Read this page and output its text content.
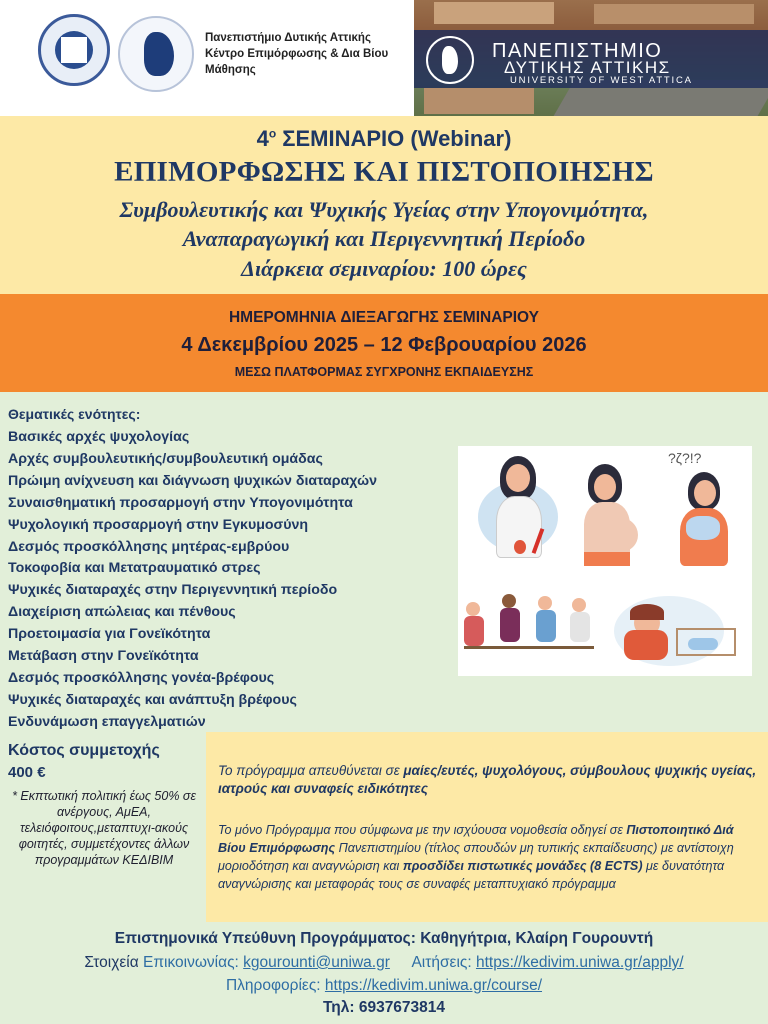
Πανεπιστήμιο Δυτικής Αττικής
Κέντρο Επιμόρφωσης & Δια Βίου Μάθησης
ΠΑΝΕΠΙΣΤΗΜΙΟ
ΔΥΤΙΚΗΣ ΑΤΤΙΚΗΣ
UNIVERSITY OF WEST ATTICA
$4^o$ ΣΕΜΙΝΑΡΙΟ (Webinar)
ΕΠΙΜΟΡΦΩΣΗΣ ΚΑΙ ΠΙΣΤΟΠΟΙΗΣΗΣ
Συμβουλευτικής και Ψυχικής Υγείας στην Υπογονιμότητα,
Αναπαραγωγική και Περιγεννητική Περίοδο
Διάρκεια σεμιναρίου: 100 ώρες
ΗΜΕΡΟΜΗΝΙΑ ΔΙΕΞΑΓΩΓΗΣ ΣΕΜΙΝΑΡΙΟΥ
4 Δεκεμβρίου 2025 – 12 Φεβρουαρίου 2026
ΜΕΣΩ ΠΛΑΤΦΟΡΜΑΣ ΣΥΓΧΡΟΝΗΣ ΕΚΠΑΙΔΕΥΣΗΣ
Θεματικές ενότητες:
Βασικές αρχές ψυχολογίας
Αρχές συμβουλευτικής/συμβουλευτική ομάδας
Πρώιμη ανίχνευση και διάγνωση ψυχικών διαταραχών
Συναισθηματική προσαρμογή στην Υπογονιμότητα
Ψυχολογική προσαρμογή στην Εγκυμοσύνη
Δεσμός προσκόλλησης μητέρας-εμβρύου
Τοκοφοβία και Μετατραυματικό στρες
Ψυχικές διαταραχές στην Περιγεννητική περίοδο
Διαχείριση απώλειας και πένθους
Προετοιμασία για Γονεϊκότητα
Μετάβαση στην Γονεϊκότητα
Δεσμός προσκόλλησης γονέα-βρέφους
Ψυχικές διαταραχές και ανάπτυξη βρέφους
Ενδυνάμωση επαγγελματιών
?ζ?!?
Κόστος συμμετοχής
400 €
* Εκπτωτική πολιτική έως 50% σε ανέργους, ΑμΕΑ, τελειόφοιτους,μεταπτυχι-ακούς φοιτητές, συμμετέχοντες άλλων προγραμμάτων ΚΕΔΙΒΙΜ
Το πρόγραμμα απευθύνεται σε μαίες/ευτές, ψυχολόγους, σύμβουλους ψυχικής υγείας, ιατρούς και συναφείς ειδικότητες
Το μόνο Πρόγραμμα που σύμφωνα με την ισχύουσα νομοθεσία οδηγεί σε Πιστοποιητικό Διά Βίου Επιμόρφωσης Πανεπιστημίου (τίτλος σπουδών μη τυπικής εκπαίδευσης) με αντίστοιχη μοριοδότηση και αναγνώριση και προσδίδει πιστωτικές μονάδες (8 ECTS) με δυνατότητα αναγνώρισης και μεταφοράς τους σε συναφές μεταπτυχιακό πρόγραμμα
Επιστημονικά Υπεύθυνη Προγράμματος: Καθηγήτρια, Κλαίρη Γουρουντή
Στοιχεία Επικοινωνίας: kgourounti@uniwa.gr Αιτήσεις: https://kedivim.uniwa.gr/apply/
Πληροφορίες: https://kedivim.uniwa.gr/course/
Τηλ: 6937673814
